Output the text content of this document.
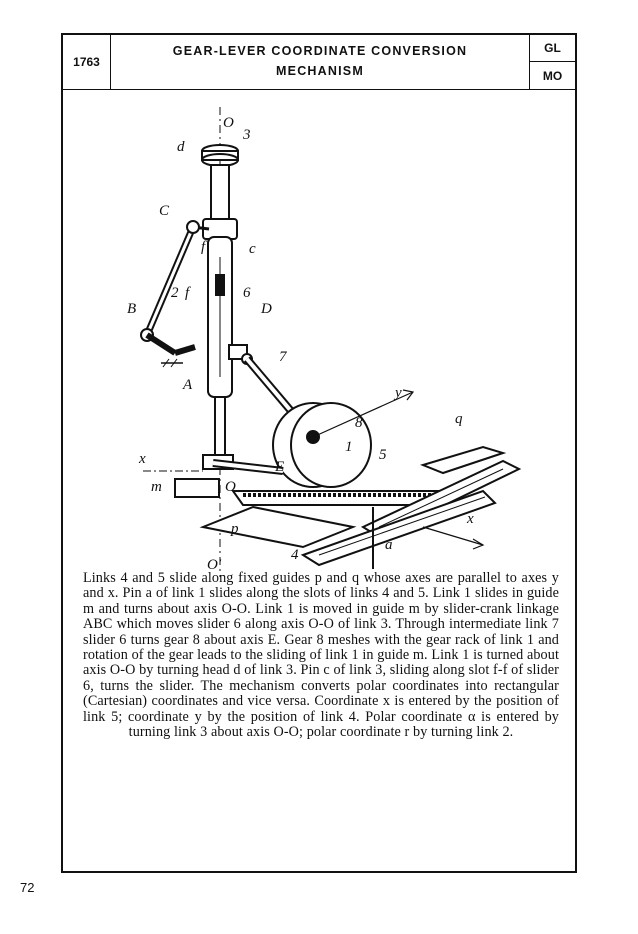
1763
GEAR-LEVER COORDINATE CONVERSION
MECHANISM
GL
MO
O
3
d
C
c
f
2 f	6
B	D
A
7
y
8	q
x
1 5
E
m	O
x
p
4
a
O′
Links 4 and 5 slide along fixed guides p and q whose axes are parallel to axes y and x. Pin a of link 1 slides along the slots of links 4 and 5. Link 1 slides in guide m and turns about axis O-O. Link 1 is moved in guide m by slider-crank linkage ABC which moves slider 6 along axis O-O of link 3. Through intermediate link 7 slider 6 turns gear 8 about axis E. Gear 8 meshes with the gear rack of link 1 and rotation of the gear leads to the sliding of link 1 in guide m. Link 1 is turned about axis O-O by turning head d of link 3. Pin c of link 3, sliding along slot f-f of slider 6, turns the slider. The mechanism converts polar coordinates into rectangular (Cartesian) coordinates and vice versa. Coordinate x is entered by the position of link 5; coordinate y by the position of link 4. Polar coordinate α is entered by turning link 3 about axis O-O; polar coordinate r by turning link 2.
72
